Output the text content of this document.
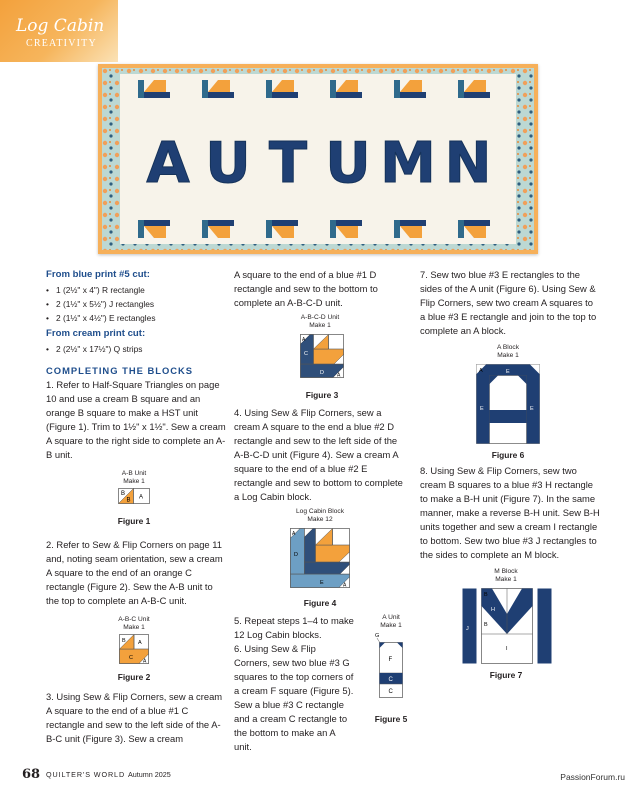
Log Cabin
CREATIVITY
A U T U M N

From blue print #5 cut:

• 1 (2½" x 4") R rectangle
• 2 (1½" x 5½") J rectangles
• 2 (1½" x 4½") E rectangles

From cream print cut:

• 2 (2½" x 17½") Q strips

COMPLETING THE BLOCKS

1. Refer to Half-Square Triangles on page 10 and use a cream B square and an orange B square to make a HST unit (Figure 1). Trim to 1½" x 1½". Sew a cream A square to the right side to complete an A-B unit.

A-B Unit
Make 1
B
B A
Figure 1

2. Refer to Sew & Flip Corners on page 11 and, noting seam orientation, sew a cream A square to the end of an orange C rectangle (Figure 2). Sew the A-B unit to the top to complete an A-B-C unit.

A-B-C Unit
Make 1
B A
C
A
Figure 2

3. Using Sew & Flip Corners, sew a cream A square to the end of a blue #1 C rectangle and sew to the left side of the A-B-C unit (Figure 3). Sew a cream

A square to the end of a blue #1 D rectangle and sew to the bottom to complete an A-B-C-D unit.

A-B-C-D Unit
Make 1
A
C
D	A
Figure 3

4. Using Sew & Flip Corners, sew a cream A square to the end a blue #2 D rectangle and sew to the left side of the A-B-C-D unit (Figure 4). Sew a cream A square to the end of a blue #2 E rectangle and sew to bottom to complete a Log Cabin block.

Log Cabin Block
Make 12
A
D
E	A
Figure 4

5. Repeat steps 1–4 to make 12 Log Cabin blocks.

6. Using Sew & Flip Corners, sew two blue #3 G squares to the top corners of a cream F square (Figure 5). Sew a blue #3 C rectangle and a cream C rectangle to the bottom to make an A unit.

A Unit
Make 1
G
F
C
C
Figure 5

7. Sew two blue #3 E rectangles to the sides of the A unit (Figure 6). Using Sew & Flip Corners, sew two cream A squares to a blue #3 E rectangle and join to the top to complete an A block.

A Block
Make 1
A	E
E	E
Figure 6

8. Using Sew & Flip Corners, sew two cream B squares to a blue #3 H rectangle to make a B-H unit (Figure 7). In the same manner, make a reverse B-H unit. Sew B-H units together and sew a cream I rectangle to bottom. Sew two blue #3 J rectangles to the sides to complete an M block.

M Block
Make 1
J
B
H
B
I
Figure 7
68 QUILTER'S WORLD Autumn 2025	PassionForum.ru
